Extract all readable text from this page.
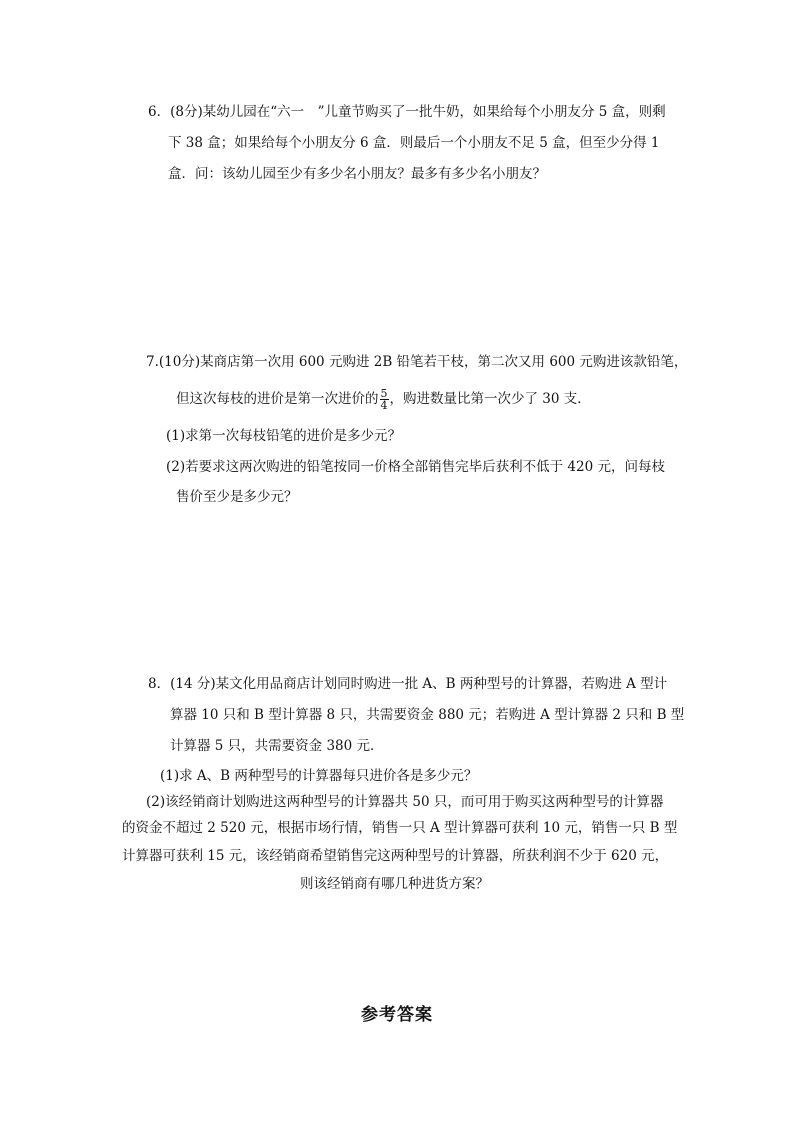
6．(8分)某幼儿园在“六一　”儿童节购买了一批牛奶，如果给每个小朋友分 5 盒，则剩
下 38 盒；如果给每个小朋友分 6 盒．则最后一个小朋友不足 5 盒，但至少分得 1
盒．问：该幼儿园至少有多少名小朋友？最多有多少名小朋友？
7.(10分)某商店第一次用 600 元购进 2B 铅笔若干枝，第二次又用 600 元购进该款铅笔，
但这次每枝的进价是第一次进价的 $\frac{5}{4}$ ，购进数量比第一次少了 30 支．
(1)求第一次每枝铅笔的进价是多少元？
(2)若要求这两次购进的铅笔按同一价格全部销售完毕后获利不低于 420 元，问每枝
售价至少是多少元？
8．(14 分)某文化用品商店计划同时购进一批 A、B 两种型号的计算器，若购进 A 型计
算器 10 只和 B 型计算器 8 只，共需要资金 880 元；若购进 A 型计算器 2 只和 B 型
计算器 5 只，共需要资金 380 元．
(1)求 A、B 两种型号的计算器每只进价各是多少元？
(2)该经销商计划购进这两种型号的计算器共 50 只，而可用于购买这两种型号的计算器
的资金不超过 2 520 元，根据市场行情，销售一只 A 型计算器可获利 10 元，销售一只 B 型
计算器可获利 15 元，该经销商希望销售完这两种型号的计算器，所获利润不少于 620 元，
则该经销商有哪几种进货方案？
参考答案
